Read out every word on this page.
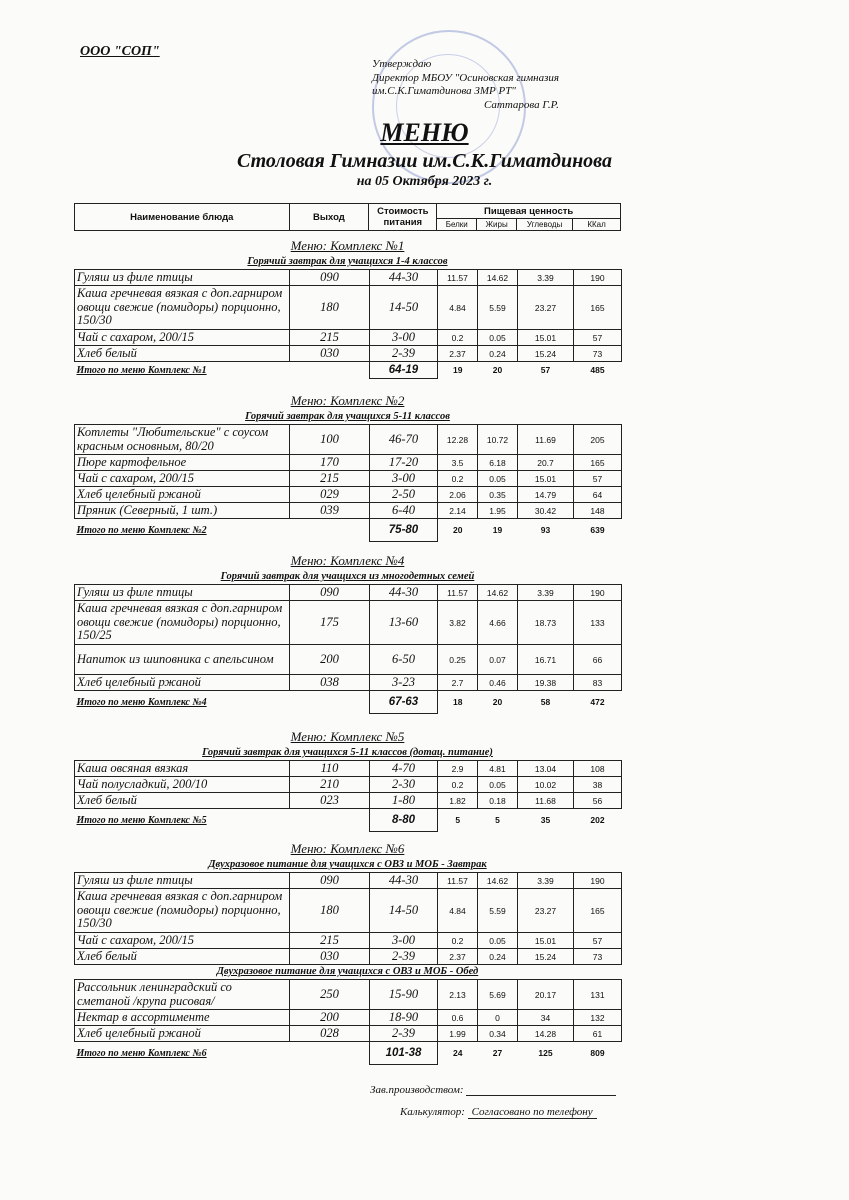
ООО "СОП"
Утверждаю
Директор МБОУ "Осиновская гимназия
им.С.К.Гиматдинова ЗМР РТ"
Саттарова Г.Р.
МЕНЮ
Столовая Гимназии им.С.К.Гиматдинова
на 05 Октября 2023 г.
Наименование блюда	Выход	Стоимость питания	Пищевая ценность			
			Белки	Жиры	Углеводы	ККал
Меню: Комплекс №1
Горячий завтрак для учащихся 1-4 классов
Гуляш из филе птицы	090	44-30	11.57	14.62	3.39	190
Каша гречневая вязкая с доп.гарниром овощи свежие (помидоры) порционно, 150/30	180	14-50	4.84	5.59	23.27	165
Чай с сахаром, 200/15	215	3-00	0.2	0.05	15.01	57
Хлеб белый	030	2-39	2.37	0.24	15.24	73
Итого по меню Комплекс №1		64-19	19	20	57	485
Меню: Комплекс №2
Горячий завтрак для учащихся 5-11 классов
Котлеты "Любительские" с соусом красным основным, 80/20	100	46-70	12.28	10.72	11.69	205
Пюре картофельное	170	17-20	3.5	6.18	20.7	165
Чай с сахаром, 200/15	215	3-00	0.2	0.05	15.01	57
Хлеб целебный ржаной	029	2-50	2.06	0.35	14.79	64
Пряник (Северный, 1 шт.)	039	6-40	2.14	1.95	30.42	148
Итого по меню Комплекс №2		75-80	20	19	93	639
Меню: Комплекс №4
Горячий завтрак для учащихся из многодетных семей
Гуляш из филе птицы	090	44-30	11.57	14.62	3.39	190
Каша гречневая вязкая с доп.гарниром овощи свежие (помидоры) порционно, 150/25	175	13-60	3.82	4.66	18.73	133
Напиток из шиповника с апельсином	200	6-50	0.25	0.07	16.71	66
Хлеб целебный ржаной	038	3-23	2.7	0.46	19.38	83
Итого по меню Комплекс №4		67-63	18	20	58	472
Меню: Комплекс №5
Горячий завтрак для учащихся 5-11 классов (дотац. питание)
Каша овсяная вязкая	110	4-70	2.9	4.81	13.04	108
Чай полусладкий, 200/10	210	2-30	0.2	0.05	10.02	38
Хлеб белый	023	1-80	1.82	0.18	11.68	56
Итого по меню Комплекс №5		8-80	5	5	35	202
Меню: Комплекс №6
Двухразовое питание для учащихся с ОВЗ и МОБ - Завтрак
Гуляш из филе птицы	090	44-30	11.57	14.62	3.39	190
Каша гречневая вязкая с доп.гарниром овощи свежие (помидоры) порционно, 150/30	180	14-50	4.84	5.59	23.27	165
Чай с сахаром, 200/15	215	3-00	0.2	0.05	15.01	57
Хлеб белый	030	2-39	2.37	0.24	15.24	73
Двухразовое питание для учащихся с ОВЗ и МОБ - Обед
Рассольник ленинградский со сметаной /крупа рисовая/	250	15-90	2.13	5.69	20.17	131
Нектар в ассортименте	200	18-90	0.6	0	34	132
Хлеб целебный ржаной	028	2-39	1.99	0.34	14.28	61
Итого по меню Комплекс №6		101-38	24	27	125	809
Зав.производством:
Калькулятор: Согласовано по телефону
